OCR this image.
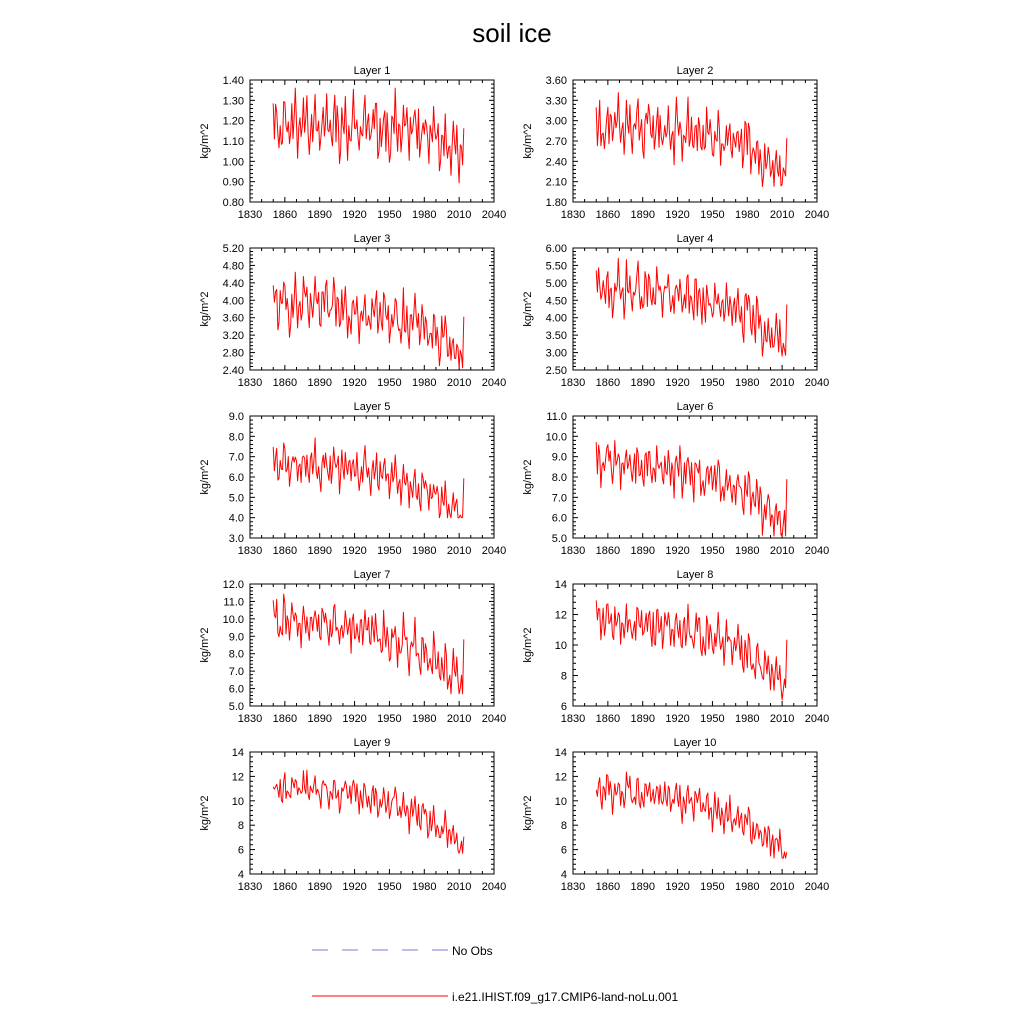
soil ice
Layer 1
1830 1860 1890 1920 1950 1980 2010 2040
0.80
0.90
1.00
1.10
1.20
1.30
1.40
kg/m^2
Layer 2
1830 1860 1890 1920 1950 1980 2010 2040
1.80
2.10
2.40
2.70
3.00
3.30
3.60
kg/m^2
Layer 3
1830 1860 1890 1920 1950 1980 2010 2040
2.40
2.80
3.20
3.60
4.00
4.40
4.80
5.20
kg/m^2
Layer 4
1830 1860 1890 1920 1950 1980 2010 2040
2.50
3.00
3.50
4.00
4.50
5.00
5.50
6.00
kg/m^2
Layer 5
1830 1860 1890 1920 1950 1980 2010 2040
3.0
4.0
5.0
6.0
7.0
8.0
9.0
kg/m^2
Layer 6
1830 1860 1890 1920 1950 1980 2010 2040
5.0
6.0
7.0
8.0
9.0
10.0
11.0
kg/m^2
Layer 7
1830 1860 1890 1920 1950 1980 2010 2040
5.0
6.0
7.0
8.0
9.0
10.0
11.0
12.0
kg/m^2
Layer 8
1830 1860 1890 1920 1950 1980 2010 2040
6
8
10
12
14
kg/m^2
Layer 9
1830 1860 1890 1920 1950 1980 2010 2040
4
6
8
10
12
14
kg/m^2
Layer 10
1830 1860 1890 1920 1950 1980 2010 2040
4
6
8
10
12
14
kg/m^2
No Obs
i.e21.IHIST.f09_g17.CMIP6-land-noLu.001
